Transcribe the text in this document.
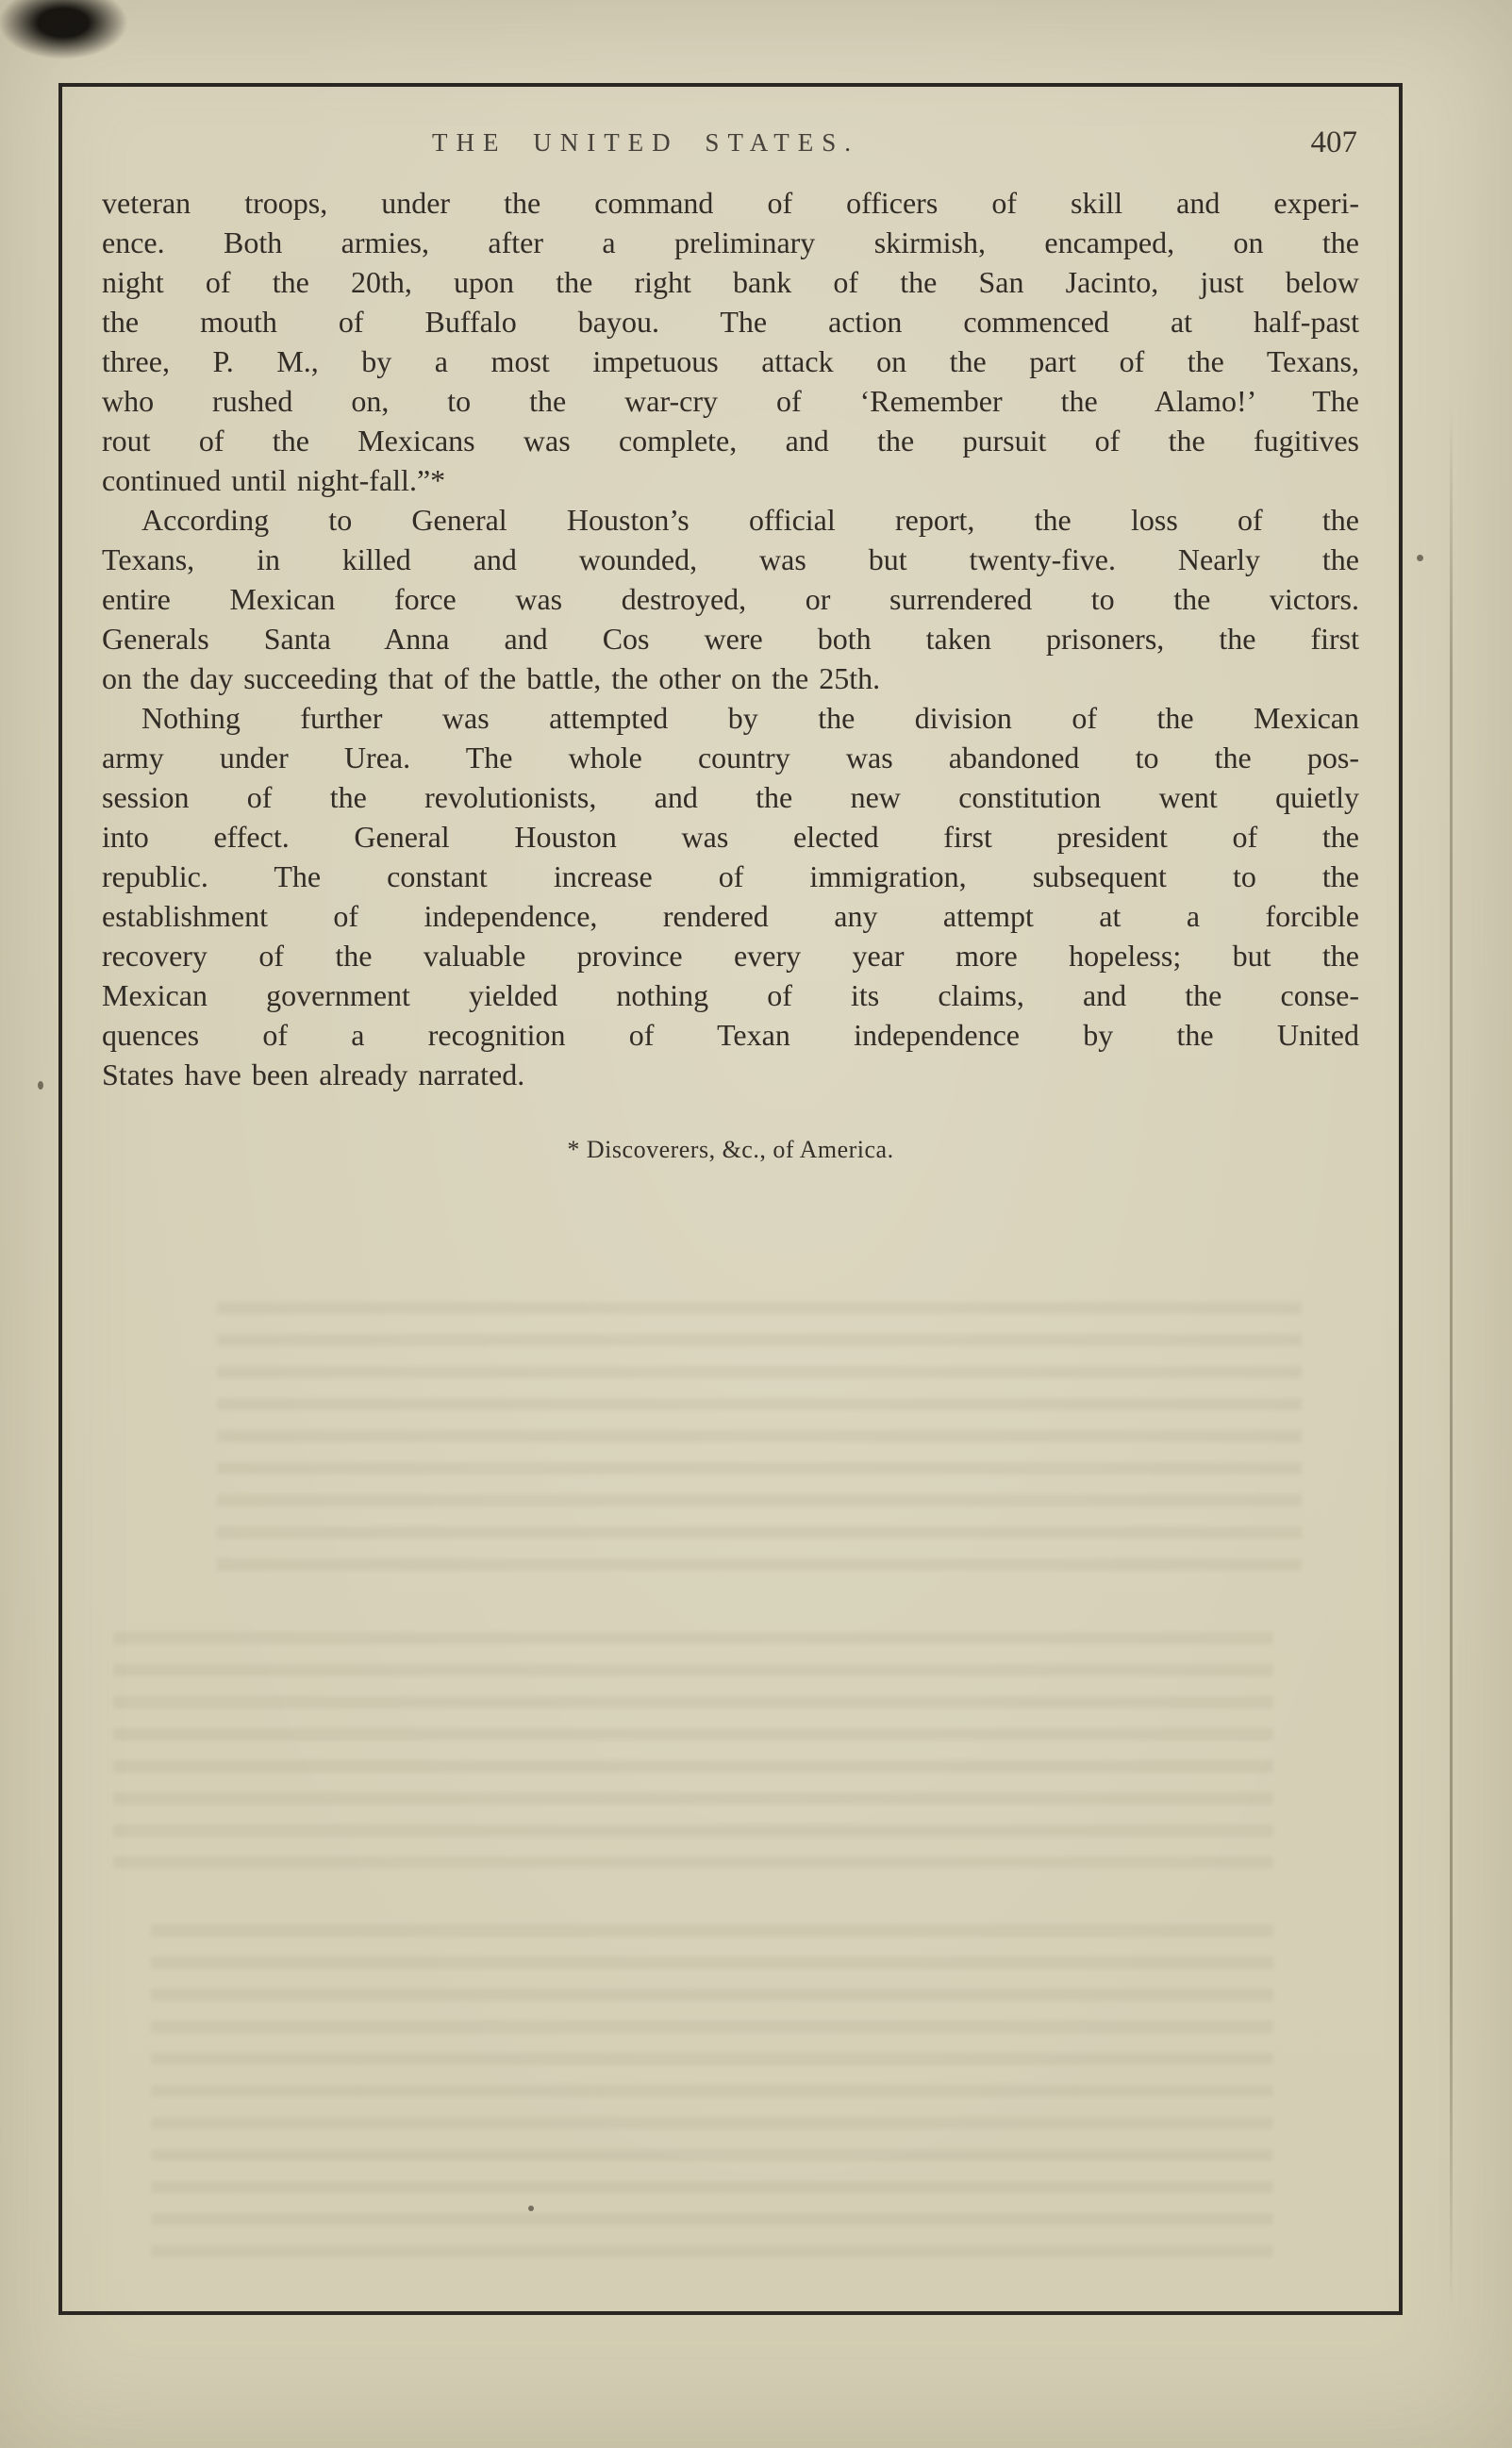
THE UNITED STATES.	407
veteran troops, under the command of officers of skill and experi-
ence. Both armies, after a preliminary skirmish, encamped, on the
night of the 20th, upon the right bank of the San Jacinto, just below
the mouth of Buffalo bayou. The action commenced at half-past
three, P. M., by a most impetuous attack on the part of the Texans,
who rushed on, to the war-cry of ‘Remember the Alamo!’ The
rout of the Mexicans was complete, and the pursuit of the fugitives
continued until night-fall.”*
According to General Houston’s official report, the loss of the
Texans, in killed and wounded, was but twenty-five. Nearly the
entire Mexican force was destroyed, or surrendered to the victors.
Generals Santa Anna and Cos were both taken prisoners, the first
on the day succeeding that of the battle, the other on the 25th.
Nothing further was attempted by the division of the Mexican
army under Urea. The whole country was abandoned to the pos-
session of the revolutionists, and the new constitution went quietly
into effect. General Houston was elected first president of the
republic. The constant increase of immigration, subsequent to the
establishment of independence, rendered any attempt at a forcible
recovery of the valuable province every year more hopeless; but the
Mexican government yielded nothing of its claims, and the conse-
quences of a recognition of Texan independence by the United
States have been already narrated.
* Discoverers, &c., of America.
